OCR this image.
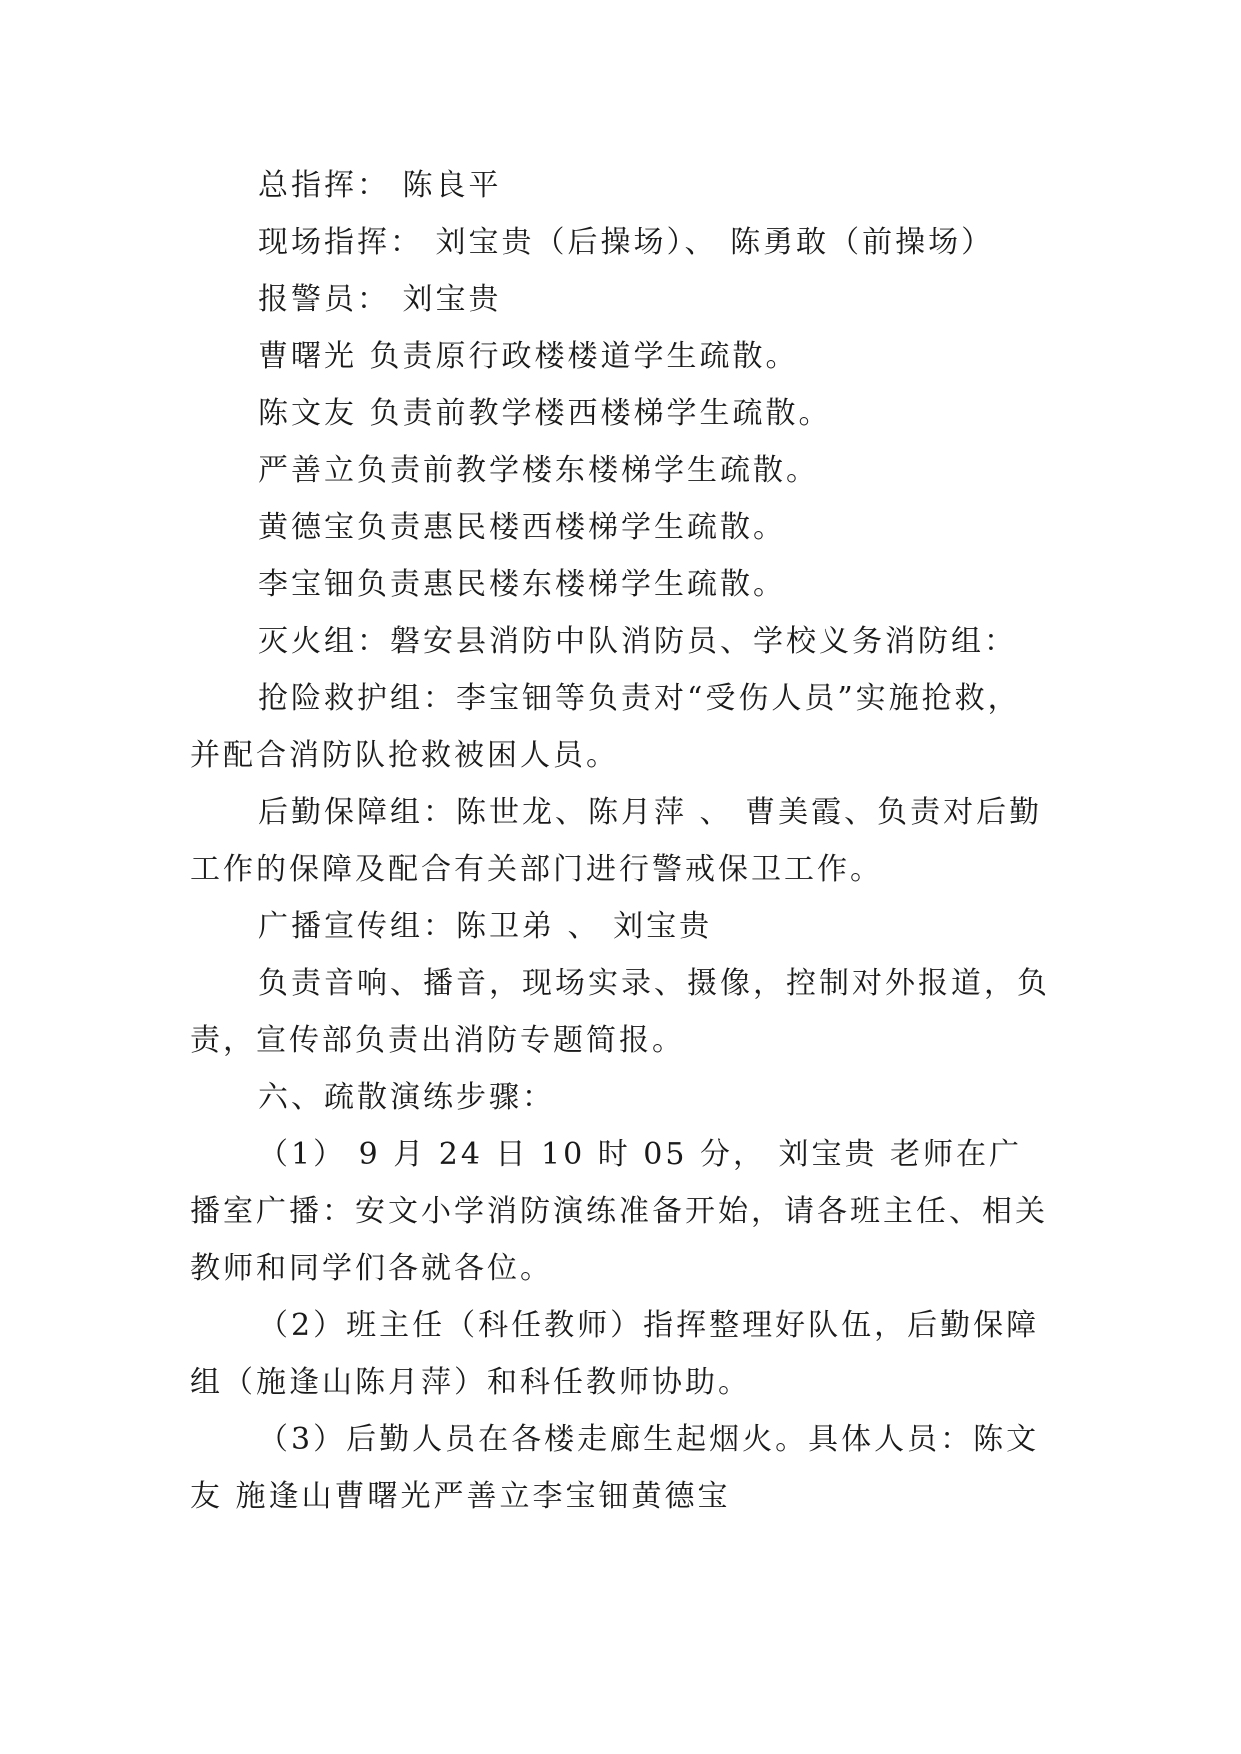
总指挥： 陈良平

现场指挥： 刘宝贵（后操场）、 陈勇敢（前操场）

报警员： 刘宝贵

曹曙光 负责原行政楼楼道学生疏散。

陈文友 负责前教学楼西楼梯学生疏散。

严善立负责前教学楼东楼梯学生疏散。

黄德宝负责惠民楼西楼梯学生疏散。

李宝钿负责惠民楼东楼梯学生疏散。

灭火组：磐安县消防中队消防员、学校义务消防组：

抢险救护组：李宝钿等负责对“受伤人员”实施抢救，并配合消防队抢救被困人员。

后勤保障组：陈世龙、陈月萍 、 曹美霞、负责对后勤工作的保障及配合有关部门进行警戒保卫工作。

广播宣传组：陈卫弟 、 刘宝贵

负责音响、播音，现场实录、摄像，控制对外报道，负责，宣传部负责出消防专题简报。

六、疏散演练步骤：

（1） 9 月 24 日 10 时 05 分， 刘宝贵 老师在广播室广播：安文小学消防演练准备开始，请各班主任、相关教师和同学们各就各位。

（2）班主任（科任教师）指挥整理好队伍，后勤保障组（施逢山陈月萍）和科任教师协助。

（3）后勤人员在各楼走廊生起烟火。具体人员：陈文友 施逢山曹曙光严善立李宝钿黄德宝
